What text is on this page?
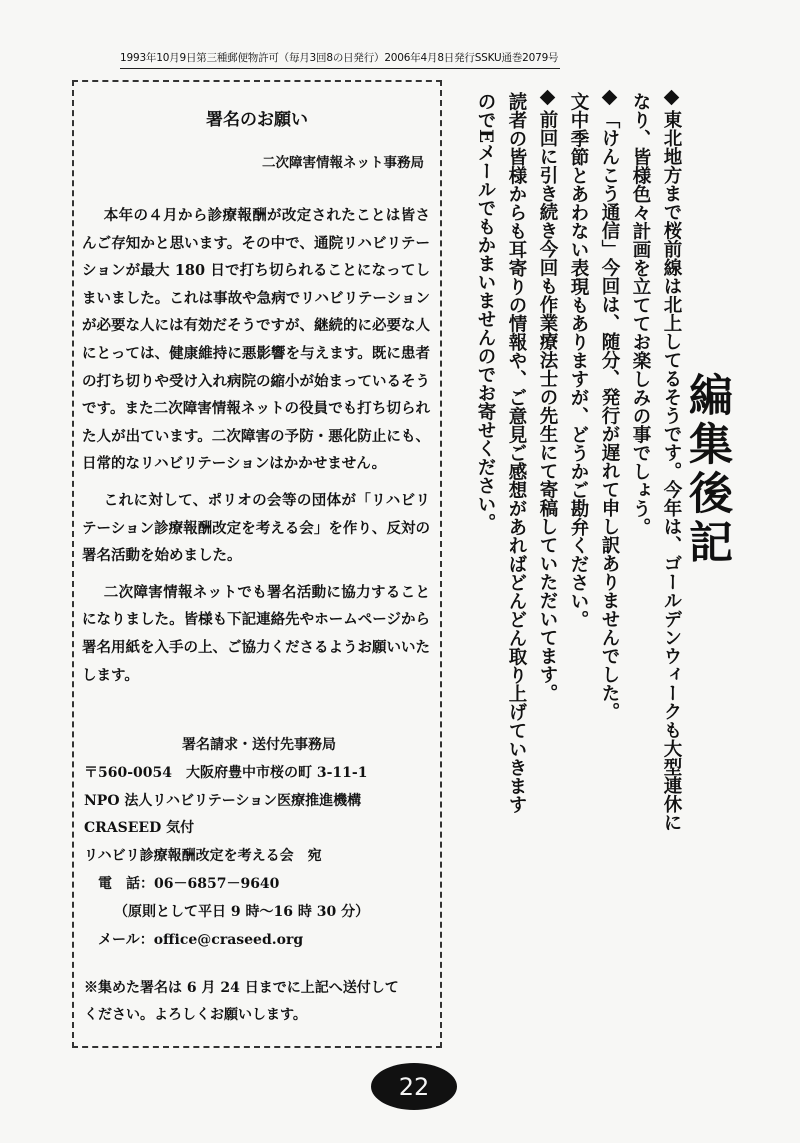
1993年10月9日第三種郵便物許可（毎月3回8の日発行）2006年4月8日発行SSKU通巻2079号
署名のお願い
二次障害情報ネット事務局

本年の４月から診療報酬が改定されたことは皆さんご存知かと思います。その中で、通院リハビリテーションが最大 180 日で打ち切られることになってしまいました。これは事故や急病でリハビリテーションが必要な人には有効だそうですが、継続的に必要な人にとっては、健康維持に悪影響を与えます。既に患者の打ち切りや受け入れ病院の縮小が始まっているそうです。また二次障害情報ネットの役員でも打ち切られた人が出ています。二次障害の予防・悪化防止にも、日常的なリハビリテーションはかかせません。

これに対して、ポリオの会等の団体が「リハビリテーション診療報酬改定を考える会」を作り、反対の署名活動を始めました。

二次障害情報ネットでも署名活動に協力することになりました。皆様も下記連絡先やホームページから署名用紙を入手の上、ご協力くださるようお願いいたします。

署名請求・送付先事務局
〒560-0054　大阪府豊中市桜の町 3-11-1
NPO 法人リハビリテーション医療推進機構
CRASEED 気付
リハビリ診療報酬改定を考える会　宛
電　話：06－6857－9640
（原則として平日 9 時～16 時 30 分）
メール：office@craseed.org
※集めた署名は 6 月 24 日までに上記へ送付して
ください。よろしくお願いします。
東北地方まで桜前線は北上してるそうです。今年は、ゴールデンウィークも大型連休に
なり、皆様色々計画を立ててお楽しみの事でしょう。
「けんこう通信」今回は、随分、発行が遅れて申し訳ありませんでした。
文中季節とあわない表現もありますが、どうかご勘弁ください。
前回に引き続き今回も作業療法士の先生にて寄稿していただいてます。
読者の皆様からも耳寄りの情報や、ご意見ご感想があればどんどん取り上げていきます
のでEメールでもかまいませんのでお寄せください。	編集後記
22
